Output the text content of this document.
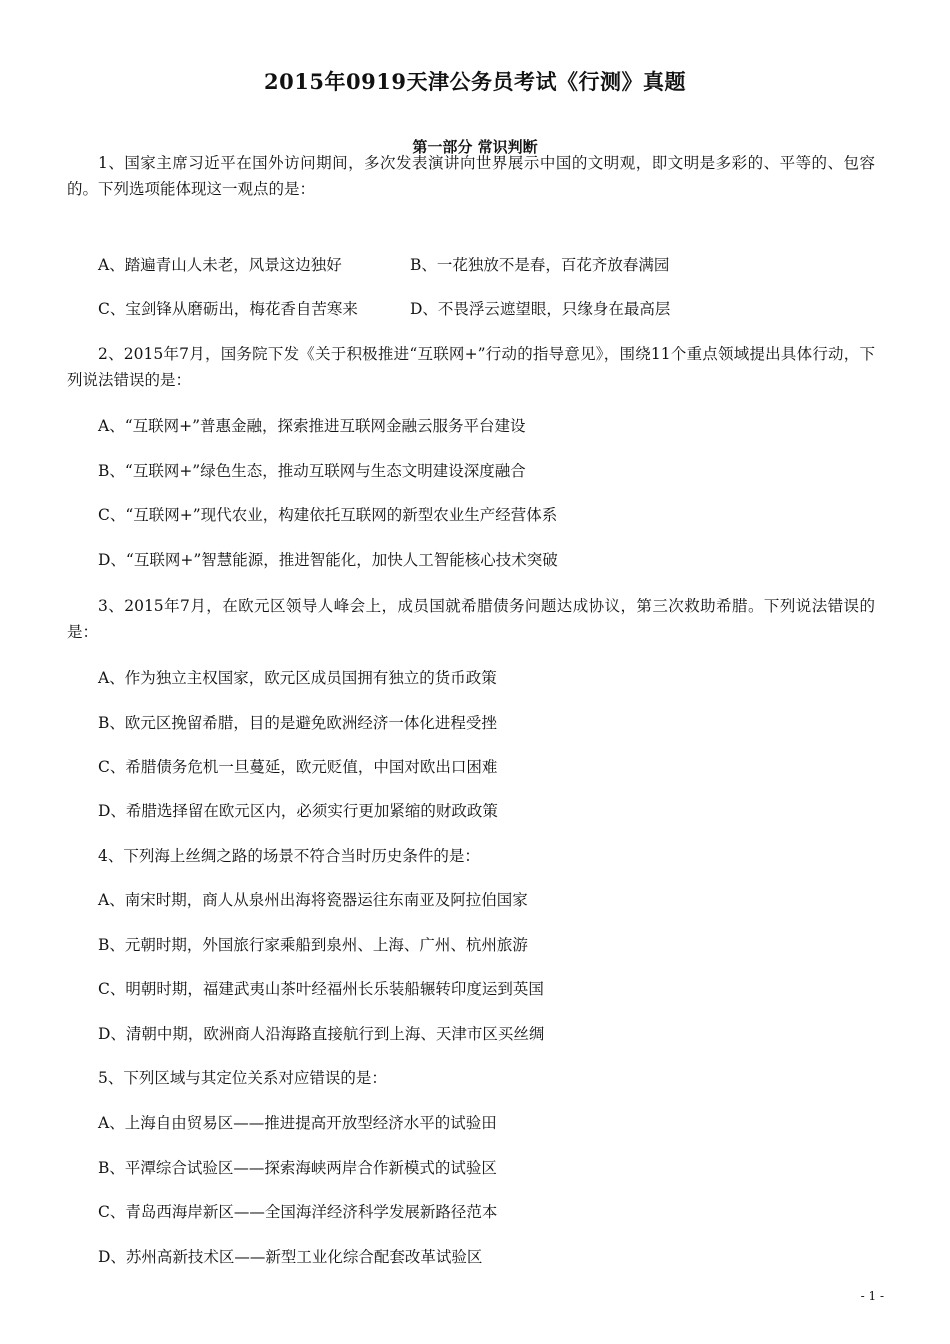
2015年0919天津公务员考试《行测》真题
第一部分 常识判断
1、国家主席习近平在国外访问期间，多次发表演讲向世界展示中国的文明观，即文明是多彩的、平等的、包容的。下列选项能体现这一观点的是：
A、踏遍青山人未老，风景这边独好	B、一花独放不是春，百花齐放春满园
C、宝剑锋从磨砺出，梅花香自苦寒来	D、不畏浮云遮望眼，只缘身在最高层
2、2015年7月，国务院下发《关于积极推进“互联网+”行动的指导意见》，围绕11个重点领域提出具体行动，下列说法错误的是：
A、“互联网+”普惠金融，探索推进互联网金融云服务平台建设
B、“互联网+”绿色生态，推动互联网与生态文明建设深度融合
C、“互联网+”现代农业，构建依托互联网的新型农业生产经营体系
D、“互联网+”智慧能源，推进智能化，加快人工智能核心技术突破
3、2015年7月，在欧元区领导人峰会上，成员国就希腊债务问题达成协议，第三次救助希腊。下列说法错误的是：
A、作为独立主权国家，欧元区成员国拥有独立的货币政策
B、欧元区挽留希腊，目的是避免欧洲经济一体化进程受挫
C、希腊债务危机一旦蔓延，欧元贬值，中国对欧出口困难
D、希腊选择留在欧元区内，必须实行更加紧缩的财政政策
4、下列海上丝绸之路的场景不符合当时历史条件的是：
A、南宋时期，商人从泉州出海将瓷器运往东南亚及阿拉伯国家
B、元朝时期，外国旅行家乘船到泉州、上海、广州、杭州旅游
C、明朝时期，福建武夷山茶叶经福州长乐装船辗转印度运到英国
D、清朝中期，欧洲商人沿海路直接航行到上海、天津市区买丝绸
5、下列区域与其定位关系对应错误的是：
A、上海自由贸易区——推进提高开放型经济水平的试验田
B、平潭综合试验区——探索海峡两岸合作新模式的试验区
C、青岛西海岸新区——全国海洋经济科学发展新路径范本
D、苏州高新技术区——新型工业化综合配套改革试验区
- 1 -
